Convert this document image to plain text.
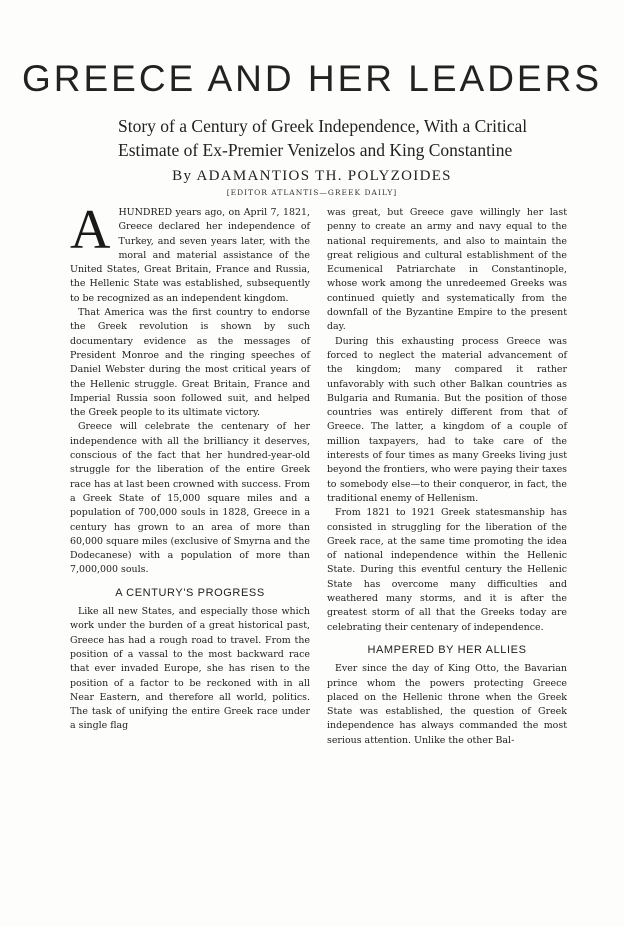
GREECE AND HER LEADERS
Story of a Century of Greek Independence, With a Critical
Estimate of Ex-Premier Venizelos and King Constantine
By ADAMANTIOS TH. POLYZOIDES
[EDITOR ATLANTIS—GREEK DAILY]

AHUNDRED years ago, on April 7, 1821, Greece declared her independence of Turkey, and seven years later, with the moral and material assistance of the United States, Great Britain, France and Russia, the Hellenic State was established, subsequently to be recognized as an independent kingdom.

That America was the first country to endorse the Greek revolution is shown by such documentary evidence as the messages of President Monroe and the ringing speeches of Daniel Webster during the most critical years of the Hellenic struggle. Great Britain, France and Imperial Russia soon followed suit, and helped the Greek people to its ultimate victory.

Greece will celebrate the centenary of her independence with all the brilliancy it deserves, conscious of the fact that her hundred-year-old struggle for the liberation of the entire Greek race has at last been crowned with success. From a Greek State of 15,000 square miles and a population of 700,000 souls in 1828, Greece in a century has grown to an area of more than 60,000 square miles (exclusive of Smyrna and the Dodecanese) with a population of more than 7,000,000 souls.

A CENTURY'S PROGRESS

Like all new States, and especially those which work under the burden of a great historical past, Greece has had a rough road to travel. From the position of a vassal to the most backward race that ever invaded Europe, she has risen to the position of a factor to be reckoned with in all Near Eastern, and therefore all world, politics. The task of unifying the entire Greek race under a single flag

was great, but Greece gave willingly her last penny to create an army and navy equal to the national requirements, and also to maintain the great religious and cultural establishment of the Ecumenical Patriarchate in Constantinople, whose work among the unredeemed Greeks was continued quietly and systematically from the downfall of the Byzantine Empire to the present day.

During this exhausting process Greece was forced to neglect the material advancement of the kingdom; many compared it rather unfavorably with such other Balkan countries as Bulgaria and Rumania. But the position of those countries was entirely different from that of Greece. The latter, a kingdom of a couple of million taxpayers, had to take care of the interests of four times as many Greeks living just beyond the frontiers, who were paying their taxes to somebody else—to their conqueror, in fact, the traditional enemy of Hellenism.

From 1821 to 1921 Greek statesmanship has consisted in struggling for the liberation of the Greek race, at the same time promoting the idea of national independence within the Hellenic State. During this eventful century the Hellenic State has overcome many difficulties and weathered many storms, and it is after the greatest storm of all that the Greeks today are celebrating their centenary of independence.

HAMPERED BY HER ALLIES

Ever since the day of King Otto, the Bavarian prince whom the powers protecting Greece placed on the Hellenic throne when the Greek State was established, the question of Greek independence has always commanded the most serious attention. Unlike the other Bal-
